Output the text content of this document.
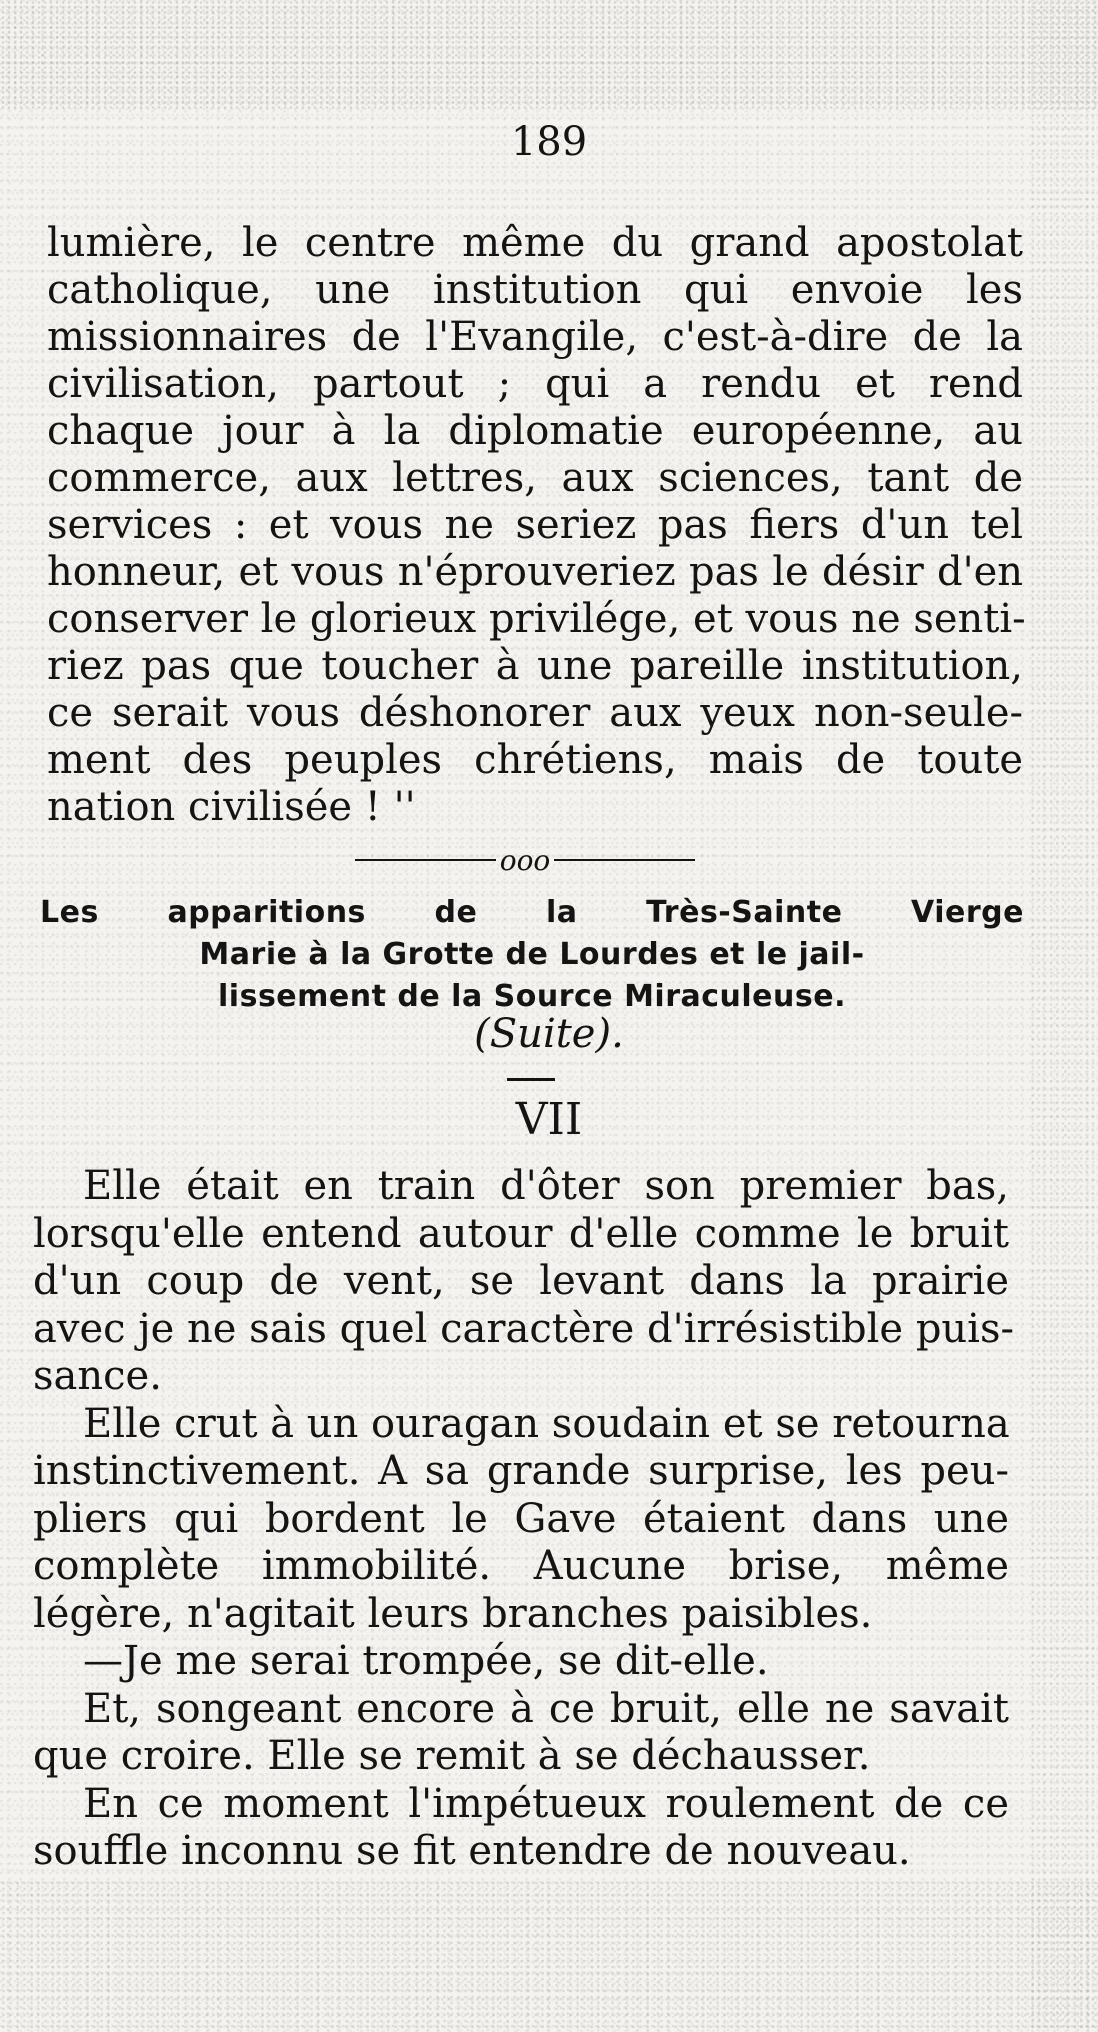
189
lumière, le centre même du grand apostolat
catholique, une institution qui envoie les
missionnaires de l'Evangile, c'est-à-dire de la
civilisation, partout ; qui a rendu et rend
chaque jour à la diplomatie européenne, au
commerce, aux lettres, aux sciences, tant de
services : et vous ne seriez pas fiers d'un tel
honneur, et vous n'éprouveriez pas le désir d'en
conserver le glorieux privilége, et vous ne senti-
riez pas que toucher à une pareille institution,
ce serait vous déshonorer aux yeux non-seule-
ment des peuples chrétiens, mais de toute
nation civilisée ! ''
ooo
Les apparitions de la Très-Sainte Vierge
Marie à la Grotte de Lourdes et le jail-
lissement de la Source Miraculeuse.
(Suite).
VII
Elle était en train d'ôter son premier bas,
lorsqu'elle entend autour d'elle comme le bruit
d'un coup de vent, se levant dans la prairie
avec je ne sais quel caractère d'irrésistible puis-
sance.
Elle crut à un ouragan soudain et se retourna
instinctivement. A sa grande surprise, les peu-
pliers qui bordent le Gave étaient dans une
complète immobilité. Aucune brise, même
légère, n'agitait leurs branches paisibles.
—Je me serai trompée, se dit-elle.
Et, songeant encore à ce bruit, elle ne savait
que croire. Elle se remit à se déchausser.
En ce moment l'impétueux roulement de ce
souffle inconnu se fit entendre de nouveau.
